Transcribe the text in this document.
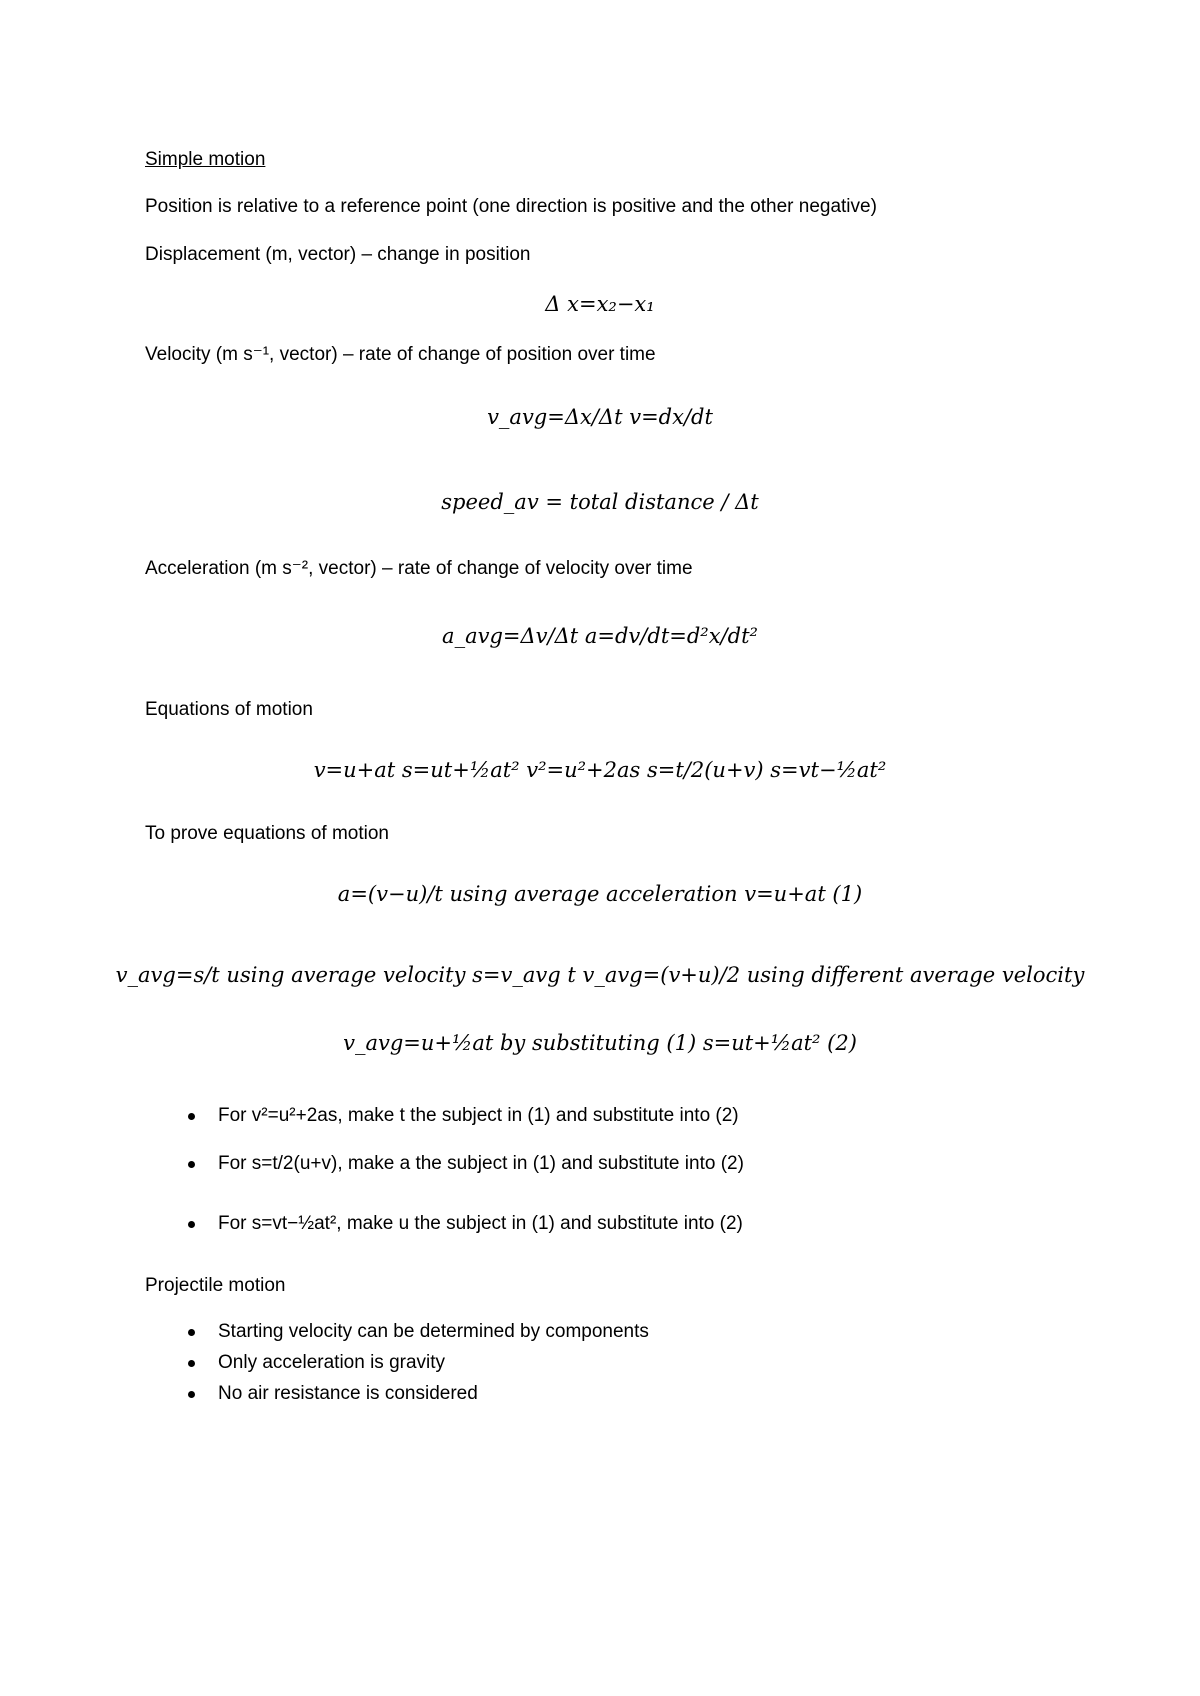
Simple motion
Position is relative to a reference point (one direction is positive and the other negative)
Displacement (m, vector) – change in position
Δ x=x₂−x₁
Velocity (m s⁻¹, vector) – rate of change of position over time
v_avg=Δx/Δt v=dx/dt
speed_av = total distance / Δt
Acceleration (m s⁻², vector) – rate of change of velocity over time
a_avg=Δv/Δt a=dv/dt=d²x/dt²
Equations of motion
v=u+at s=ut+½at² v²=u²+2as s=t/2(u+v) s=vt−½at²
To prove equations of motion
a=(v−u)/t using average acceleration v=u+at (1)
v_avg=s/t using average velocity s=v_avg t v_avg=(v+u)/2 using different average velocity
v_avg=u+½at by substituting (1) s=ut+½at² (2)
For v²=u²+2as, make t the subject in (1) and substitute into (2)
For s=t/2(u+v), make a the subject in (1) and substitute into (2)
For s=vt−½at², make u the subject in (1) and substitute into (2)
Projectile motion
Starting velocity can be determined by components
Only acceleration is gravity
No air resistance is considered
